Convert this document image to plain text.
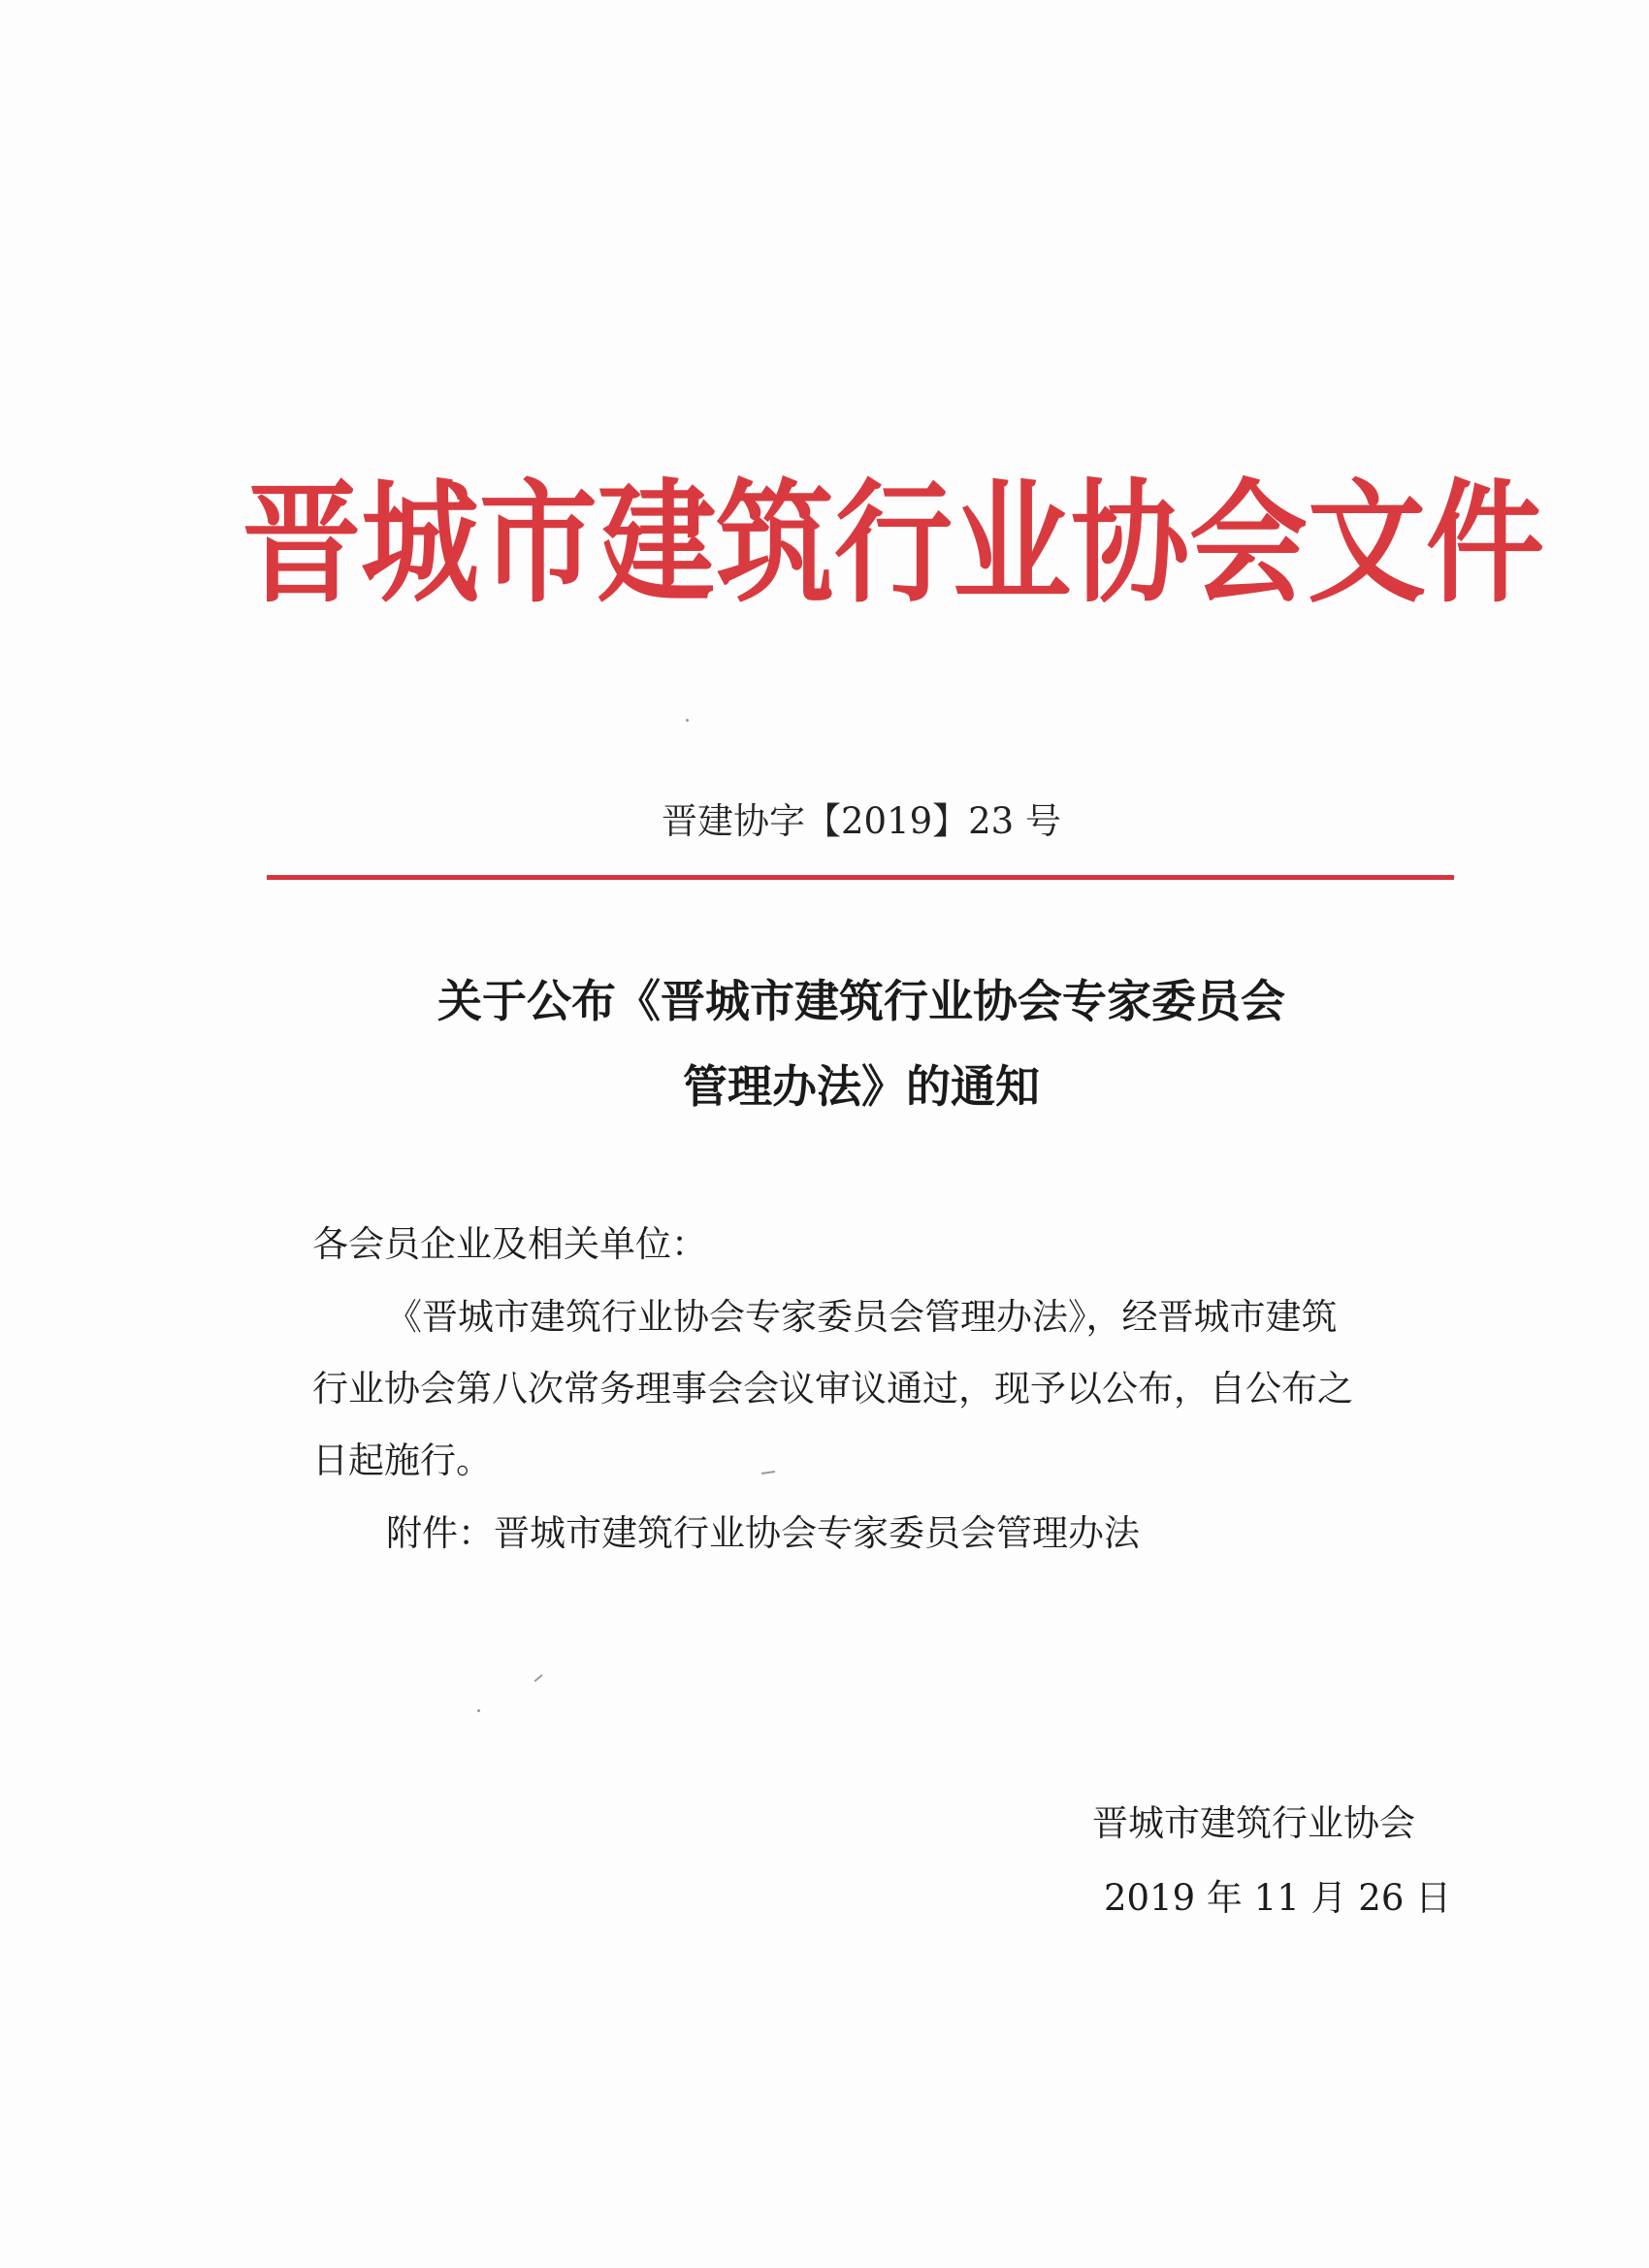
晋城市建筑行业协会文件
晋建协字【2019】23 号
关于公布《晋城市建筑行业协会专家委员会
管理办法》的通知
各会员企业及相关单位：
《晋城市建筑行业协会专家委员会管理办法》，经晋城市建筑
行业协会第八次常务理事会会议审议通过，现予以公布，自公布之
日起施行。
附件：晋城市建筑行业协会专家委员会管理办法
晋城市建筑行业协会
2019 年 11 月 26 日
